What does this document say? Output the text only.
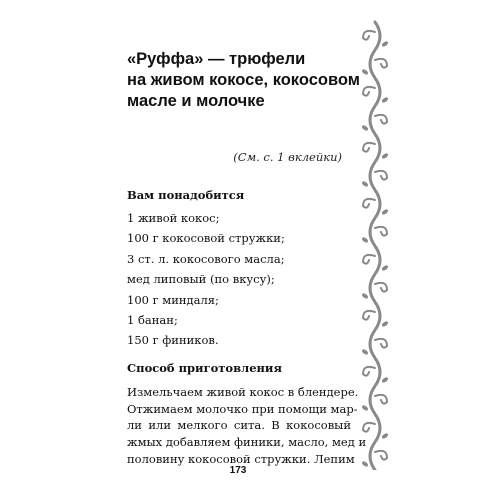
«Руффа» — трюфели
на живом кокосе, кокосовом
масле и молочке
(См. с. 1 вклейки)
Вам понадобится
1 живой кокос;
100 г кокосовой стружки;
3 ст. л. кокосового масла;
мед липовый (по вкусу);
100 г миндаля;
1 банан;
150 г фиников.
Способ приготовления

Измельчаем живой кокос в блендере.
Отжимаем молочко при помощи мар-
ли или мелкого сита. В кокосовый
жмых добавляем финики, масло, мед и
половину кокосовой стружки. Лепим

173
